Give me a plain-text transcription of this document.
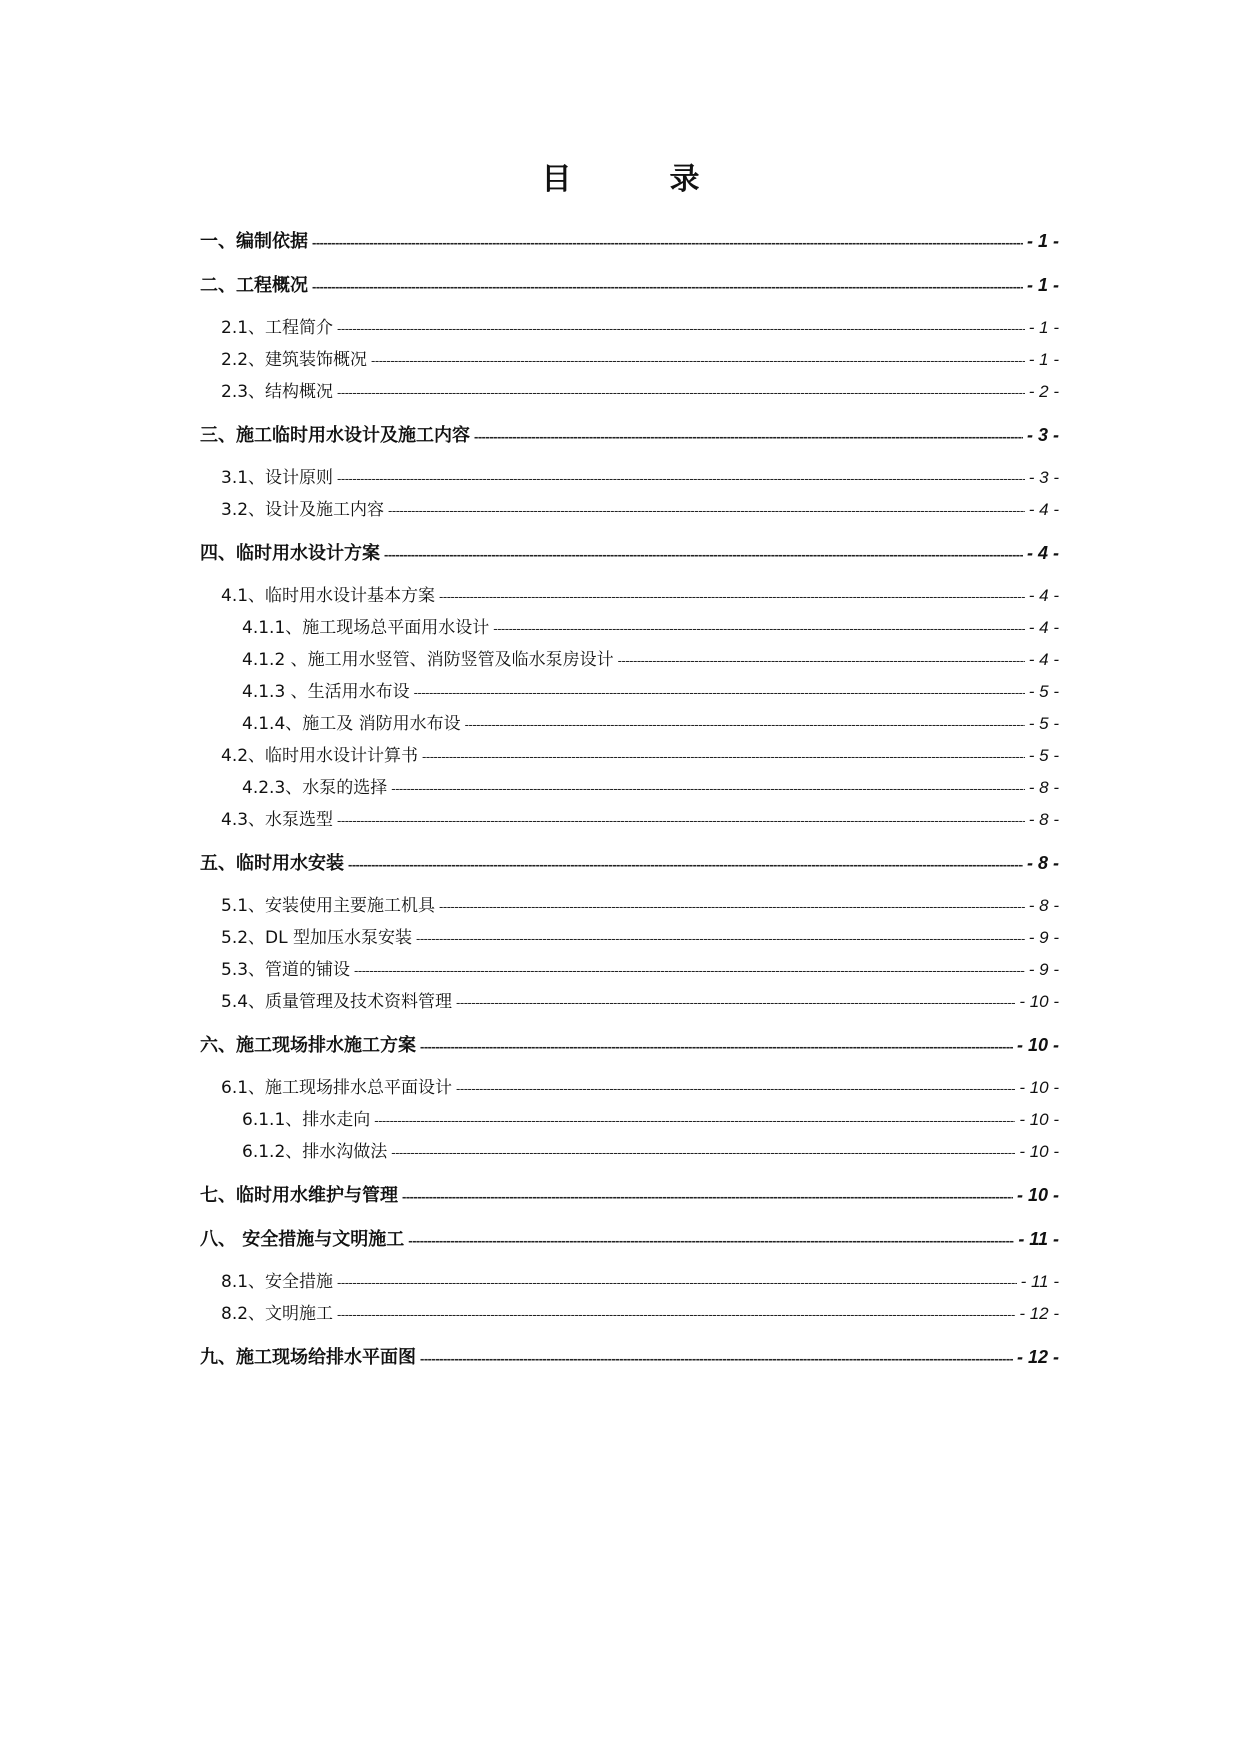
目　录
一、编制依据 -----	- 1 -
二、工程概况 -----	- 1 -
2.1、工程简介 -----	- 1 -
2.2、建筑装饰概况 -----	- 1 -
2.3、结构概况 -----	- 2 -
三、施工临时用水设计及施工内容 -----	- 3 -
3.1、设计原则 -----	- 3 -
3.2、设计及施工内容 -----	- 4 -
四、临时用水设计方案 -----	- 4 -
4.1、临时用水设计基本方案 -----	- 4 -
4.1.1、施工现场总平面用水设计 -----	- 4 -
4.1.2 、施工用水竖管、消防竖管及临水泵房设计 -----	- 4 -
4.1.3 、生活用水布设 -----	- 5 -
4.1.4、施工及 消防用水布设 -----	- 5 -
4.2、临时用水设计计算书 -----	- 5 -
4.2.3、水泵的选择 -----	- 8 -
4.3、水泵选型 -----	- 8 -
五、临时用水安装 -----	- 8 -
5.1、安装使用主要施工机具 -----	- 8 -
5.2、DL 型加压水泵安装 -----	- 9 -
5.3、管道的铺设 -----	- 9 -
5.4、质量管理及技术资料管理 -----	- 10 -
六、施工现场排水施工方案 -----	- 10 -
6.1、施工现场排水总平面设计 -----	- 10 -
6.1.1、排水走向 -----	- 10 -
6.1.2、排水沟做法 -----	- 10 -
七、临时用水维护与管理 -----	- 10 -
八、 安全措施与文明施工 -----	- 11 -
8.1、安全措施 -----	- 11 -
8.2、文明施工 -----	- 12 -
九、施工现场给排水平面图 -----	- 12 -
